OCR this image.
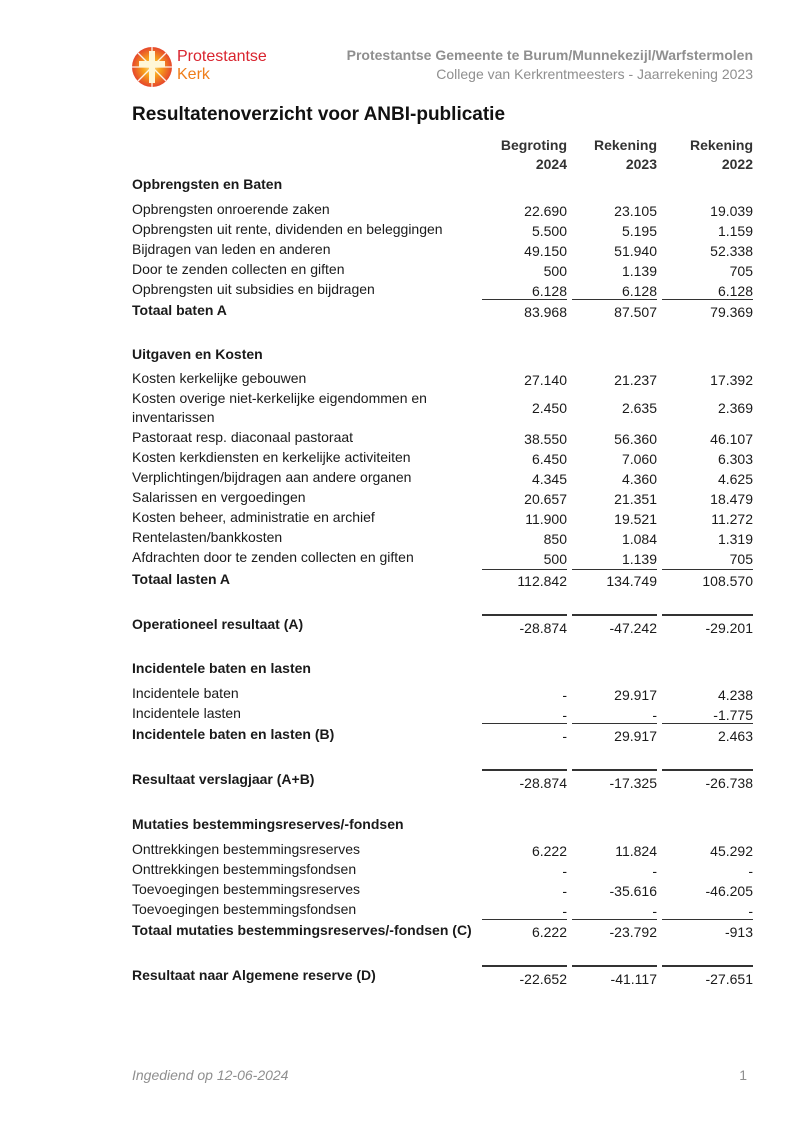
Protestantse
Kerk
Protestantse Gemeente te Burum/Munnekezijl/Warfstermolen
College van Kerkrentmeesters - Jaarrekening 2023
Resultatenoverzicht voor ANBI-publicatie
Begroting
2024
Rekening
2023
Rekening
2022
Opbrengsten en Baten
Opbrengsten onroerende zaken	22.690	23.105	19.039
Opbrengsten uit rente, dividenden en beleggingen	5.500	5.195	1.159
Bijdragen van leden en anderen	49.150	51.940	52.338
Door te zenden collecten en giften	500	1.139	705
Opbrengsten uit subsidies en bijdragen	6.128	6.128	6.128
Totaal baten A	83.968	87.507	79.369
Uitgaven en Kosten
Kosten kerkelijke gebouwen	27.140	21.237	17.392
Kosten overige niet-kerkelijke eigendommen en
inventarissen
2.450	2.635	2.369
Pastoraat resp. diaconaal pastoraat	38.550	56.360	46.107
Kosten kerkdiensten en kerkelijke activiteiten	6.450	7.060	6.303
Verplichtingen/bijdragen aan andere organen	4.345	4.360	4.625
Salarissen en vergoedingen	20.657	21.351	18.479
Kosten beheer, administratie en archief	11.900	19.521	11.272
Rentelasten/bankkosten	850	1.084	1.319
Afdrachten door te zenden collecten en giften	500	1.139	705
Totaal lasten A	112.842	134.749	108.570
Operationeel resultaat (A)	-28.874	-47.242	-29.201
Incidentele baten en lasten
Incidentele baten	-	29.917	4.238
Incidentele lasten	-	-	-1.775
Incidentele baten en lasten (B)	-	29.917	2.463
Resultaat verslagjaar (A+B)	-28.874	-17.325	-26.738
Mutaties bestemmingsreserves/-fondsen
Onttrekkingen bestemmingsreserves	6.222	11.824	45.292
Onttrekkingen bestemmingsfondsen	-	-	-
Toevoegingen bestemmingsreserves	-	-35.616	-46.205
Toevoegingen bestemmingsfondsen	-	-	-
Totaal mutaties bestemmingsreserves/-fondsen (C)	6.222	-23.792	-913
Resultaat naar Algemene reserve (D)	-22.652	-41.117	-27.651
Ingediend op 12-06-2024	1
